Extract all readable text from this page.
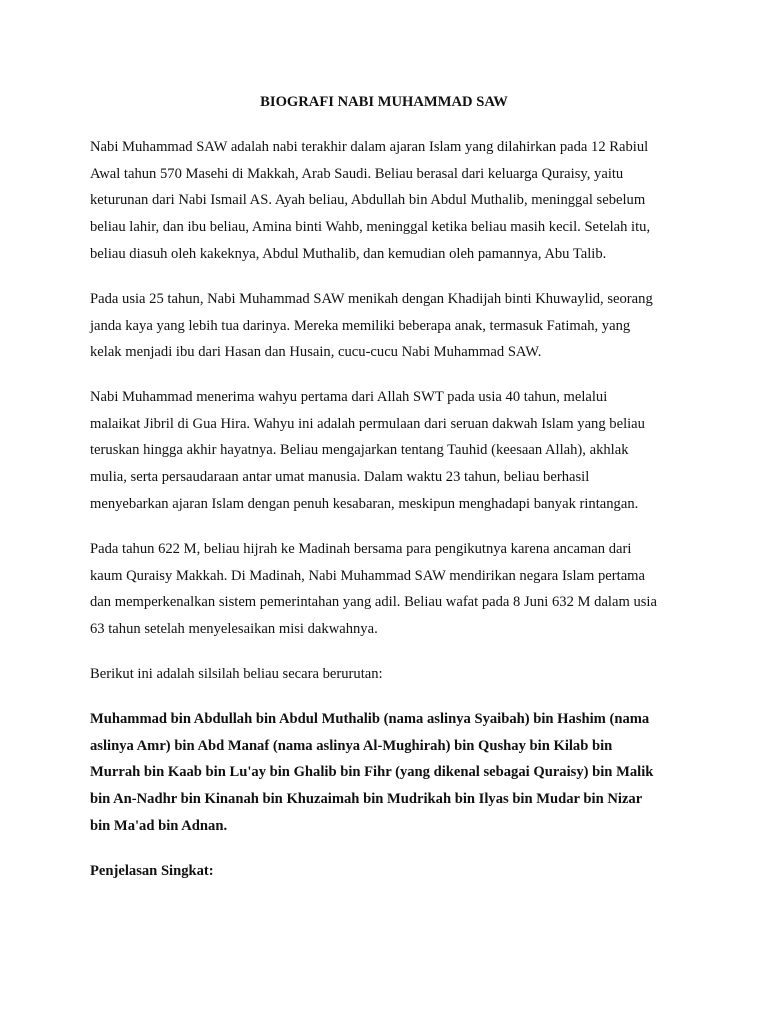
BIOGRAFI NABI MUHAMMAD SAW
Nabi Muhammad SAW adalah nabi terakhir dalam ajaran Islam yang dilahirkan pada 12 Rabiul
Awal tahun 570 Masehi di Makkah, Arab Saudi. Beliau berasal dari keluarga Quraisy, yaitu
keturunan dari Nabi Ismail AS. Ayah beliau, Abdullah bin Abdul Muthalib, meninggal sebelum
beliau lahir, dan ibu beliau, Amina binti Wahb, meninggal ketika beliau masih kecil. Setelah itu,
beliau diasuh oleh kakeknya, Abdul Muthalib, dan kemudian oleh pamannya, Abu Talib.
Pada usia 25 tahun, Nabi Muhammad SAW menikah dengan Khadijah binti Khuwaylid, seorang
janda kaya yang lebih tua darinya. Mereka memiliki beberapa anak, termasuk Fatimah, yang
kelak menjadi ibu dari Hasan dan Husain, cucu-cucu Nabi Muhammad SAW.
Nabi Muhammad menerima wahyu pertama dari Allah SWT pada usia 40 tahun, melalui
malaikat Jibril di Gua Hira. Wahyu ini adalah permulaan dari seruan dakwah Islam yang beliau
teruskan hingga akhir hayatnya. Beliau mengajarkan tentang Tauhid (keesaan Allah), akhlak
mulia, serta persaudaraan antar umat manusia. Dalam waktu 23 tahun, beliau berhasil
menyebarkan ajaran Islam dengan penuh kesabaran, meskipun menghadapi banyak rintangan.
Pada tahun 622 M, beliau hijrah ke Madinah bersama para pengikutnya karena ancaman dari
kaum Quraisy Makkah. Di Madinah, Nabi Muhammad SAW mendirikan negara Islam pertama
dan memperkenalkan sistem pemerintahan yang adil. Beliau wafat pada 8 Juni 632 M dalam usia
63 tahun setelah menyelesaikan misi dakwahnya.
Berikut ini adalah silsilah beliau secara berurutan:
Muhammad bin Abdullah bin Abdul Muthalib (nama aslinya Syaibah) bin Hashim (nama
aslinya Amr) bin Abd Manaf (nama aslinya Al-Mughirah) bin Qushay bin Kilab bin
Murrah bin Kaab bin Lu'ay bin Ghalib bin Fihr (yang dikenal sebagai Quraisy) bin Malik
bin An-Nadhr bin Kinanah bin Khuzaimah bin Mudrikah bin Ilyas bin Mudar bin Nizar
bin Ma'ad bin Adnan.
Penjelasan Singkat:
